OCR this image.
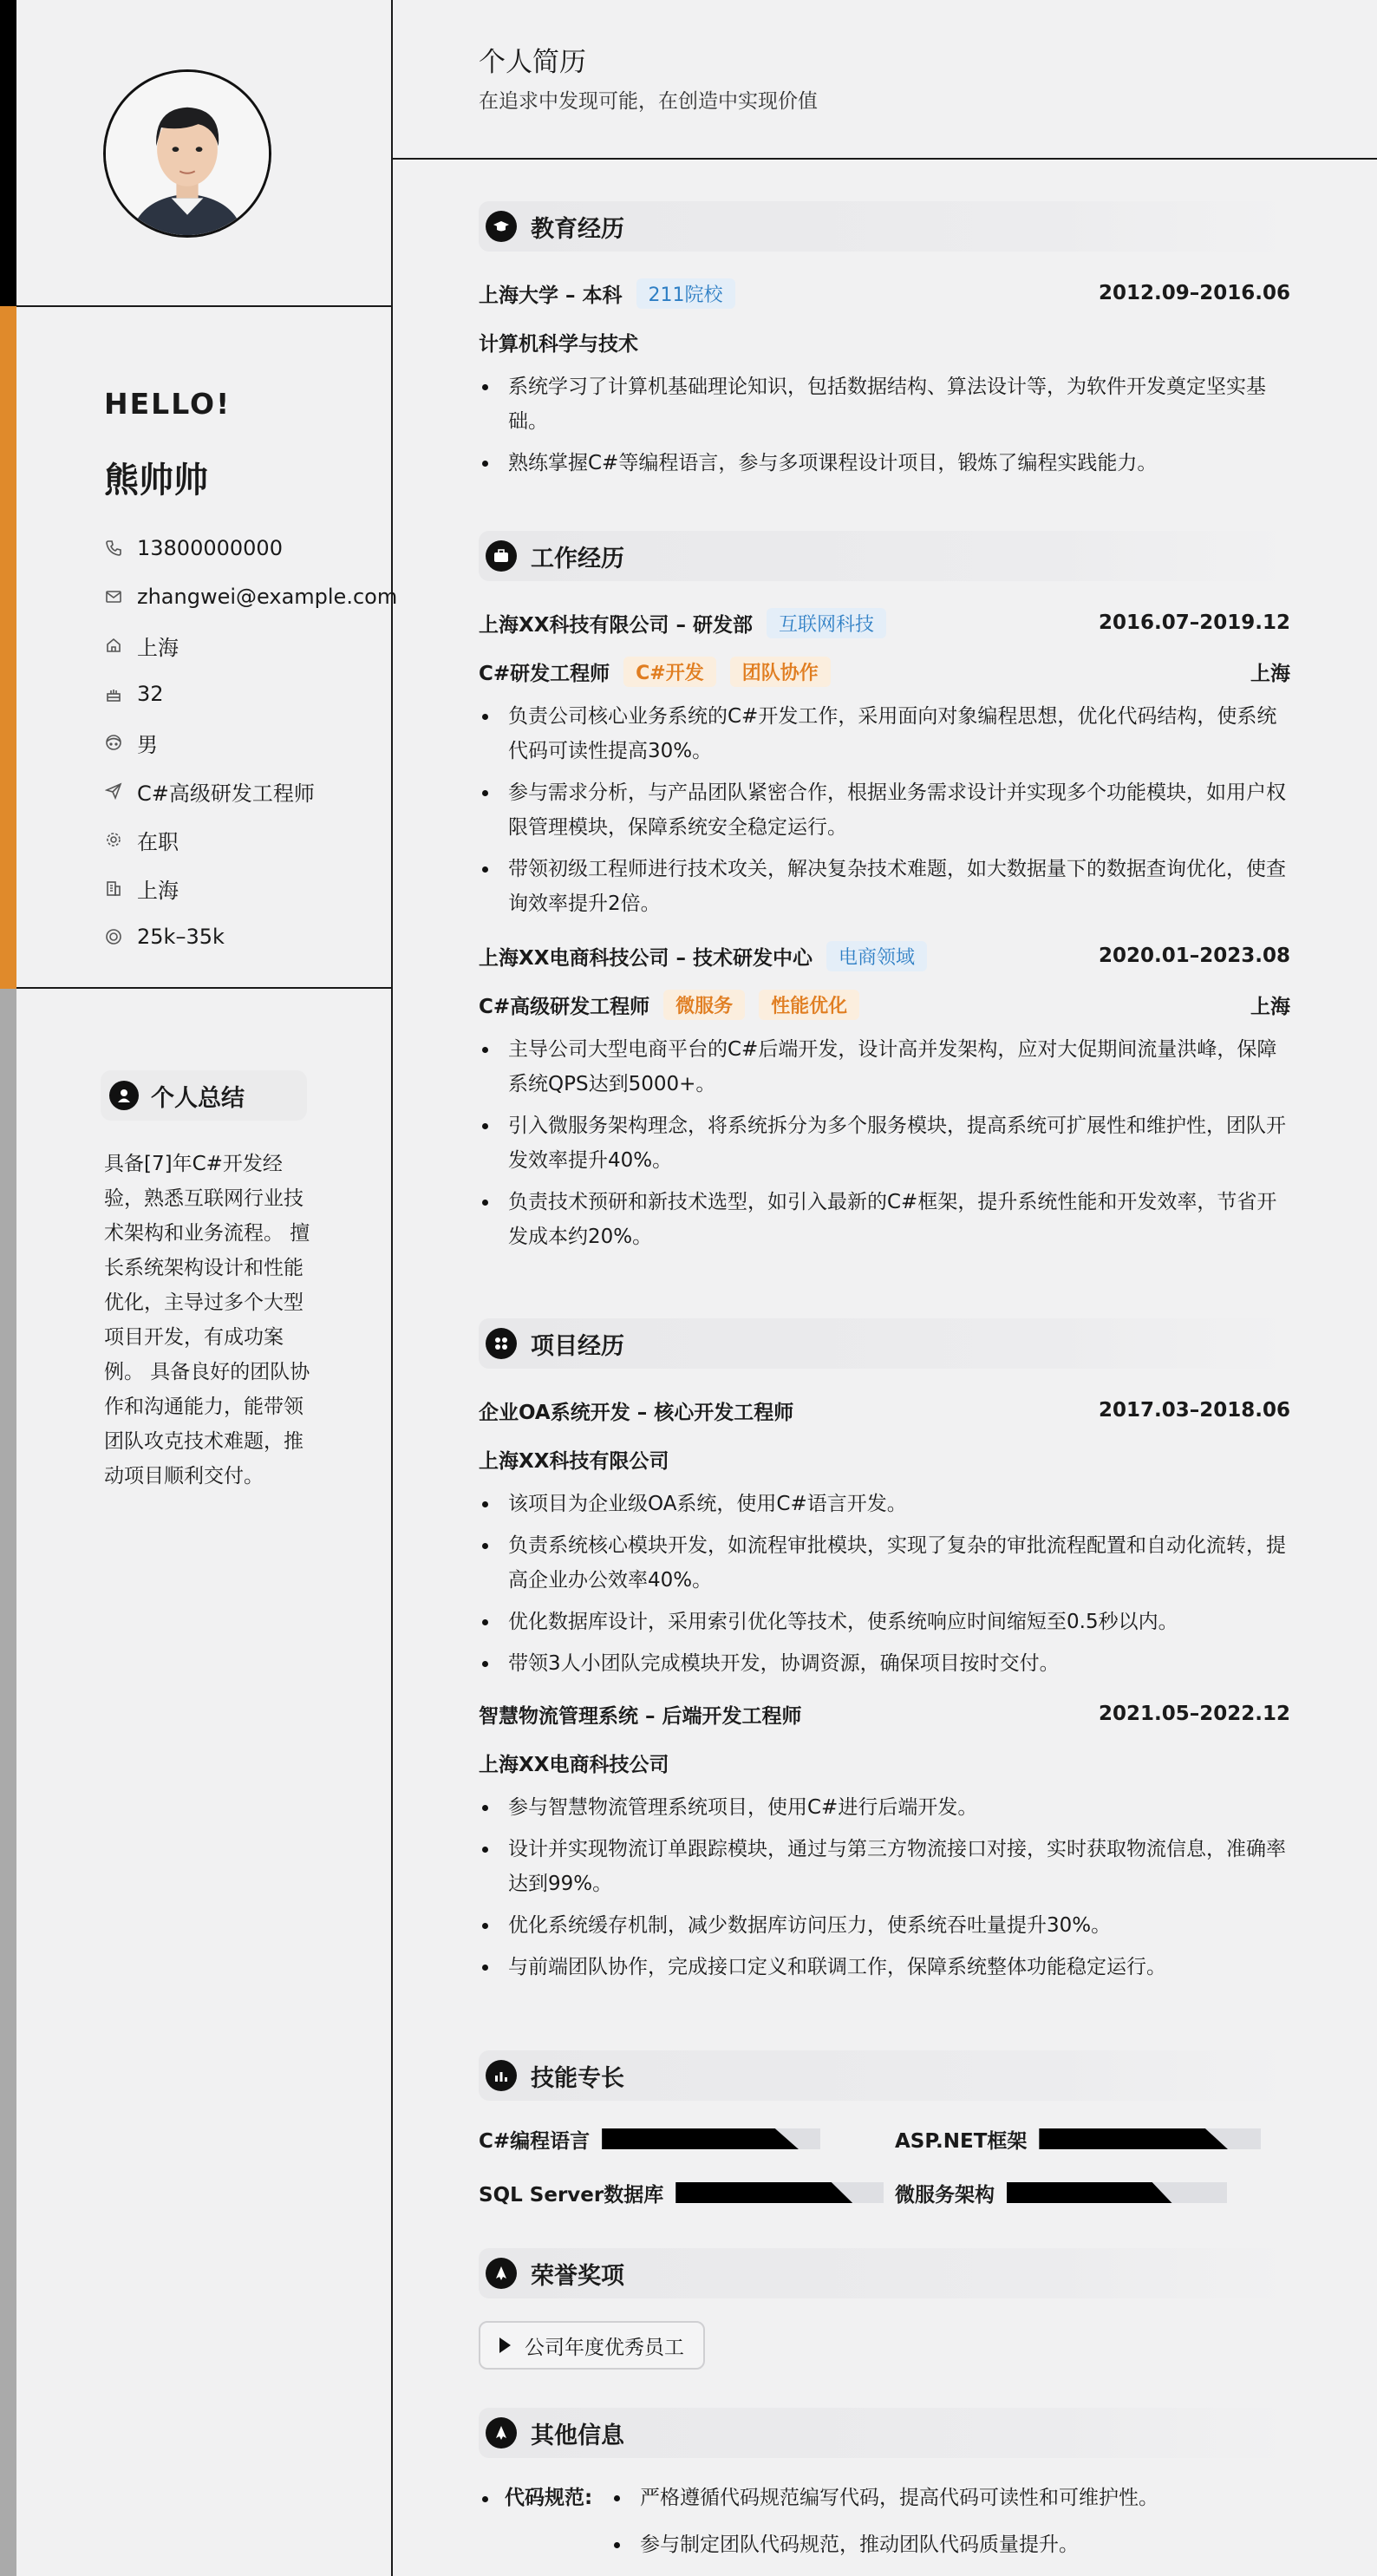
HELLO!
熊帅帅
13800000000
zhangwei@example.com
上海
32
男
C#高级研发工程师
在职
上海
25k–35k
个人总结
具备[7]年C#开发经验，熟悉互联网行业技术架构和业务流程。 擅长系统架构设计和性能优化，主导过多个大型项目开发，有成功案例。 具备良好的团队协作和沟通能力，能带领团队攻克技术难题，推动项目顺利交付。
个人简历
在追求中发现可能，在创造中实现价值
教育经历
上海大学 – 本科	211院校	2012.09–2016.06
计算机科学与技术
系统学习了计算机基础理论知识，包括数据结构、算法设计等，为软件开发奠定坚实基础。
熟练掌握C#等编程语言，参与多项课程设计项目，锻炼了编程实践能力。
工作经历
上海XX科技有限公司 – 研发部	互联网科技	2016.07–2019.12
C#研发工程师	C#开发	团队协作	上海
负责公司核心业务系统的C#开发工作，采用面向对象编程思想，优化代码结构，使系统代码可读性提高30%。
参与需求分析，与产品团队紧密合作，根据业务需求设计并实现多个功能模块，如用户权限管理模块，保障系统安全稳定运行。
带领初级工程师进行技术攻关，解决复杂技术难题，如大数据量下的数据查询优化，使查询效率提升2倍。
上海XX电商科技公司 – 技术研发中心	电商领域	2020.01–2023.08
C#高级研发工程师	微服务	性能优化	上海
主导公司大型电商平台的C#后端开发，设计高并发架构，应对大促期间流量洪峰，保障系统QPS达到5000+。
引入微服务架构理念，将系统拆分为多个服务模块，提高系统可扩展性和维护性，团队开发效率提升40%。
负责技术预研和新技术选型，如引入最新的C#框架，提升系统性能和开发效率，节省开发成本约20%。
项目经历
企业OA系统开发 – 核心开发工程师	2017.03–2018.06
上海XX科技有限公司
该项目为企业级OA系统，使用C#语言开发。
负责系统核心模块开发，如流程审批模块，实现了复杂的审批流程配置和自动化流转，提高企业办公效率40%。
优化数据库设计，采用索引优化等技术，使系统响应时间缩短至0.5秒以内。
带领3人小团队完成模块开发，协调资源，确保项目按时交付。
智慧物流管理系统 – 后端开发工程师	2021.05–2022.12
上海XX电商科技公司
参与智慧物流管理系统项目，使用C#进行后端开发。
设计并实现物流订单跟踪模块，通过与第三方物流接口对接，实时获取物流信息，准确率达到99%。
优化系统缓存机制，减少数据库访问压力，使系统吞吐量提升30%。
与前端团队协作，完成接口定义和联调工作，保障系统整体功能稳定运行。
技能专长
C#编程语言	ASP.NET框架
SQL Server数据库	微服务架构
荣誉奖项
公司年度优秀员工
其他信息
代码规范:	严格遵循代码规范编写代码，提高代码可读性和可维护性。
参与制定团队代码规范，推动团队代码质量提升。
